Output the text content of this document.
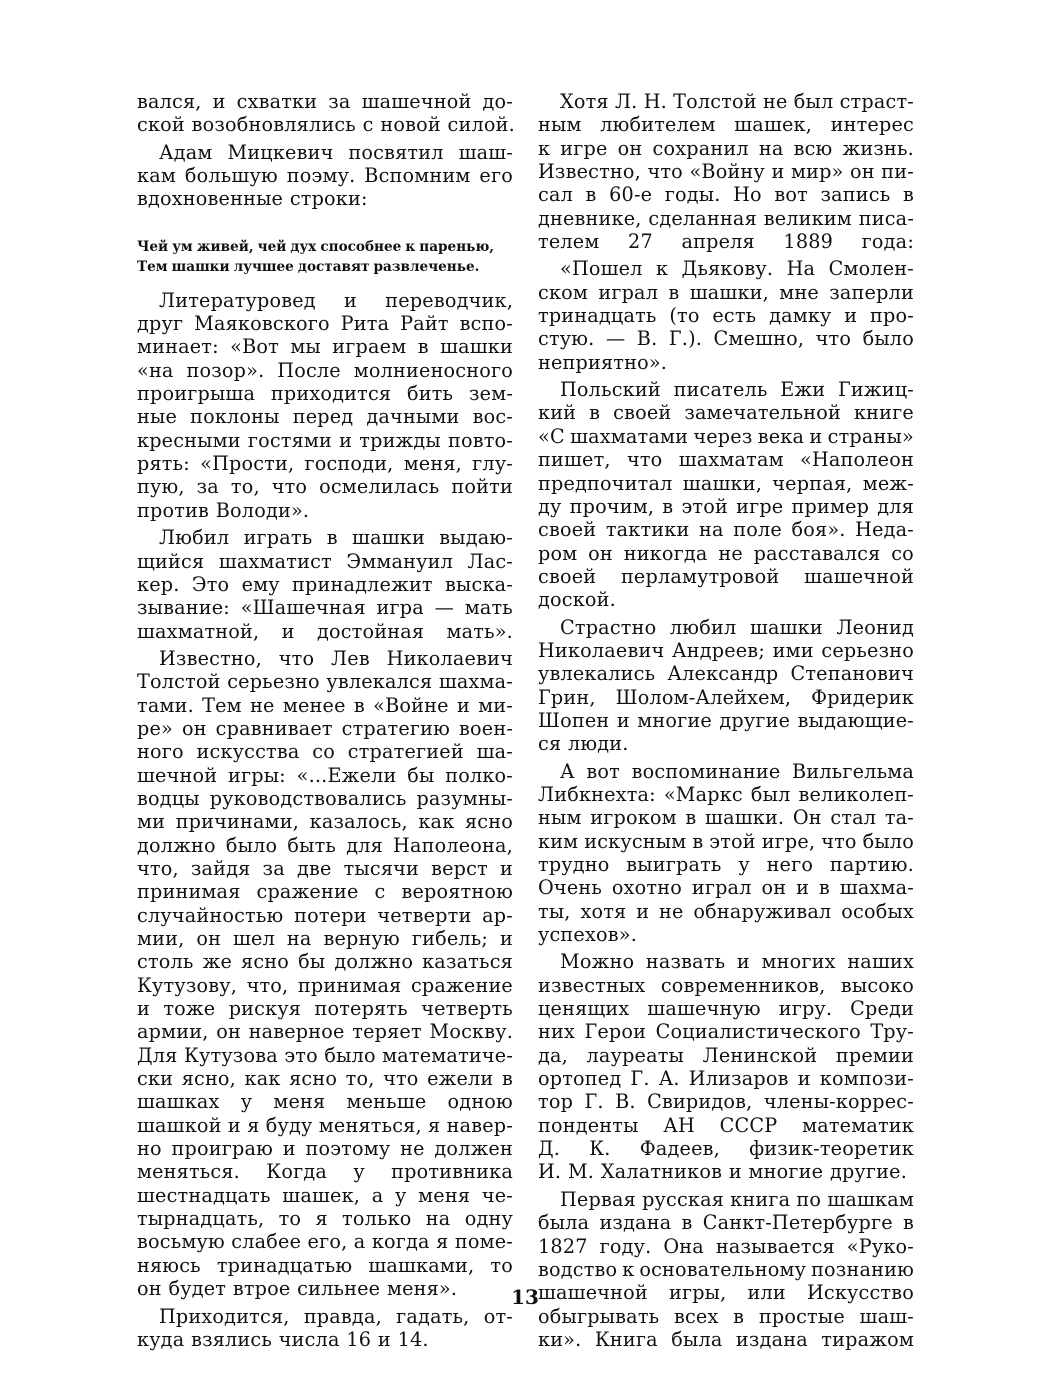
вался, и схватки за шашечной до-
ской возобновлялись с новой силой.
Адам Мицкевич посвятил шаш-
кам большую поэму. Вспомним его
вдохновенные строки:
Чей ум живей, чей дух способнее к паренью,
Тем шашки лучшее доставят развлеченье.
Литературовед и переводчик,
друг Маяковского Рита Райт вспо-
минает: «Вот мы играем в шашки
«на позор». После молниеносного
проигрыша приходится бить зем-
ные поклоны перед дачными вос-
кресными гостями и трижды повто-
рять: «Прости, господи, меня, глу-
пую, за то, что осмелилась пойти
против Володи».
Любил играть в шашки выдаю-
щийся шахматист Эммануил Лас-
кер. Это ему принадлежит выска-
зывание: «Шашечная игра — мать
шахматной, и достойная мать».
Известно, что Лев Николаевич
Толстой серьезно увлекался шахма-
тами. Тем не менее в «Войне и ми-
ре» он сравнивает стратегию воен-
ного искусства со стратегией ша-
шечной игры: «...Ежели бы полко-
водцы руководствовались разумны-
ми причинами, казалось, как ясно
должно было быть для Наполеона,
что, зайдя за две тысячи верст и
принимая сражение с вероятною
случайностью потери четверти ар-
мии, он шел на верную гибель; и
столь же ясно бы должно казаться
Кутузову, что, принимая сражение
и тоже рискуя потерять четверть
армии, он наверное теряет Москву.
Для Кутузова это было математиче-
ски ясно, как ясно то, что ежели в
шашках у меня меньше одною
шашкой и я буду меняться, я навер-
но проиграю и поэтому не должен
меняться. Когда у противника
шестнадцать шашек, а у меня че-
тырнадцать, то я только на одну
восьмую слабее его, а когда я поме-
няюсь тринадцатью шашками, то
он будет втрое сильнее меня».
Приходится, правда, гадать, от-
куда взялись числа 16 и 14.
Хотя Л. Н. Толстой не был страст-
ным любителем шашек, интерес
к игре он сохранил на всю жизнь.
Известно, что «Войну и мир» он пи-
сал в 60-е годы. Но вот запись в
дневнике, сделанная великим писа-
телем 27 апреля 1889 года:
«Пошел к Дьякову. На Смолен-
ском играл в шашки, мне заперли
тринадцать (то есть дамку и про-
стую. — В. Г.). Смешно, что было
неприятно».
Польский писатель Ежи Гижиц-
кий в своей замечательной книге
«С шахматами через века и страны»
пишет, что шахматам «Наполеон
предпочитал шашки, черпая, меж-
ду прочим, в этой игре пример для
своей тактики на поле боя». Неда-
ром он никогда не расставался со
своей перламутровой шашечной
доской.
Страстно любил шашки Леонид
Николаевич Андреев; ими серьезно
увлекались Александр Степанович
Грин, Шолом-Алейхем, Фридерик
Шопен и многие другие выдающие-
ся люди.
А вот воспоминание Вильгельма
Либкнехта: «Маркс был великолеп-
ным игроком в шашки. Он стал та-
ким искусным в этой игре, что было
трудно выиграть у него партию.
Очень охотно играл он и в шахма-
ты, хотя и не обнаруживал особых
успехов».
Можно назвать и многих наших
известных современников, высоко
ценящих шашечную игру. Среди
них Герои Социалистического Тру-
да, лауреаты Ленинской премии
ортопед Г. А. Илизаров и компози-
тор Г. В. Свиридов, члены-коррес-
понденты АН СССР математик
Д. К. Фадеев, физик-теоретик
И. М. Халатников и многие другие.
Первая русская книга по шашкам
была издана в Санкт-Петербурге в
1827 году. Она называется «Руко-
водство к основательному познанию
шашечной игры, или Искусство
обыгрывать всех в простые шаш-
ки». Книга была издана тиражом
13
